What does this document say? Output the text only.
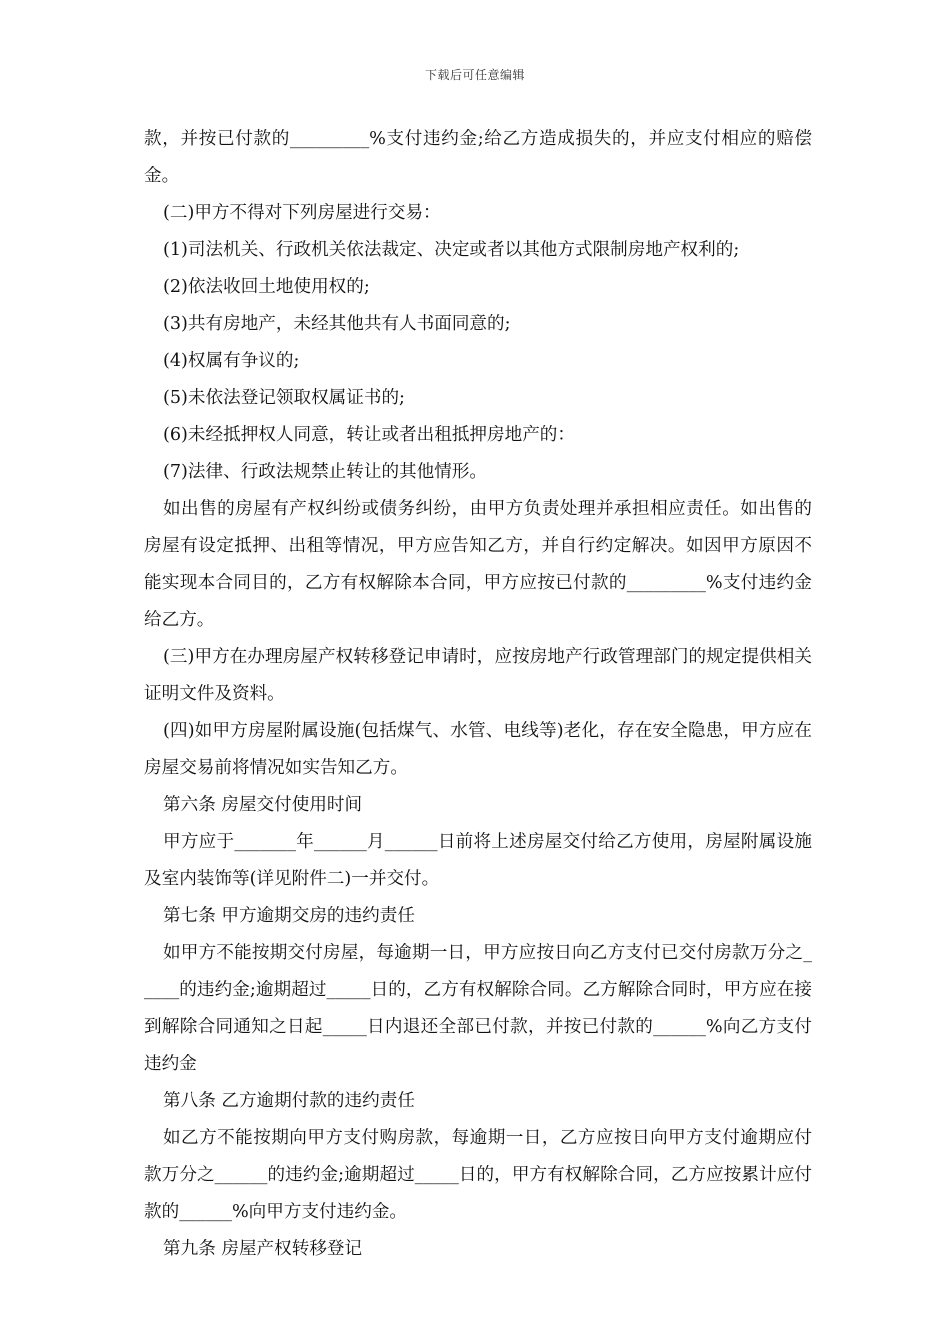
下载后可任意编辑

款，并按已付款的_________%支付违约金;给乙方造成损失的，并应支付相应的赔偿金。

(二)甲方不得对下列房屋进行交易：

(1)司法机关、行政机关依法裁定、决定或者以其他方式限制房地产权利的;

(2)依法收回土地使用权的;

(3)共有房地产，未经其他共有人书面同意的;

(4)权属有争议的;

(5)未依法登记领取权属证书的;

(6)未经抵押权人同意，转让或者出租抵押房地产的：

(7)法律、行政法规禁止转让的其他情形。

如出售的房屋有产权纠纷或债务纠纷，由甲方负责处理并承担相应责任。如出售的房屋有设定抵押、出租等情况，甲方应告知乙方，并自行约定解决。如因甲方原因不能实现本合同目的，乙方有权解除本合同，甲方应按已付款的_________%支付违约金给乙方。

(三)甲方在办理房屋产权转移登记申请时，应按房地产行政管理部门的规定提供相关证明文件及资料。

(四)如甲方房屋附属设施(包括煤气、水管、电线等)老化，存在安全隐患，甲方应在房屋交易前将情况如实告知乙方。

第六条 房屋交付使用时间

甲方应于_______年______月______日前将上述房屋交付给乙方使用，房屋附属设施及室内装饰等(详见附件二)一并交付。

第七条 甲方逾期交房的违约责任

如甲方不能按期交付房屋，每逾期一日，甲方应按日向乙方支付已交付房款万分之_____的违约金;逾期超过_____日的，乙方有权解除合同。乙方解除合同时，甲方应在接到解除合同通知之日起_____日内退还全部已付款，并按已付款的______%向乙方支付违约金

第八条 乙方逾期付款的违约责任

如乙方不能按期向甲方支付购房款，每逾期一日，乙方应按日向甲方支付逾期应付款万分之______的违约金;逾期超过_____日的，甲方有权解除合同，乙方应按累计应付款的______%向甲方支付违约金。

第九条 房屋产权转移登记
